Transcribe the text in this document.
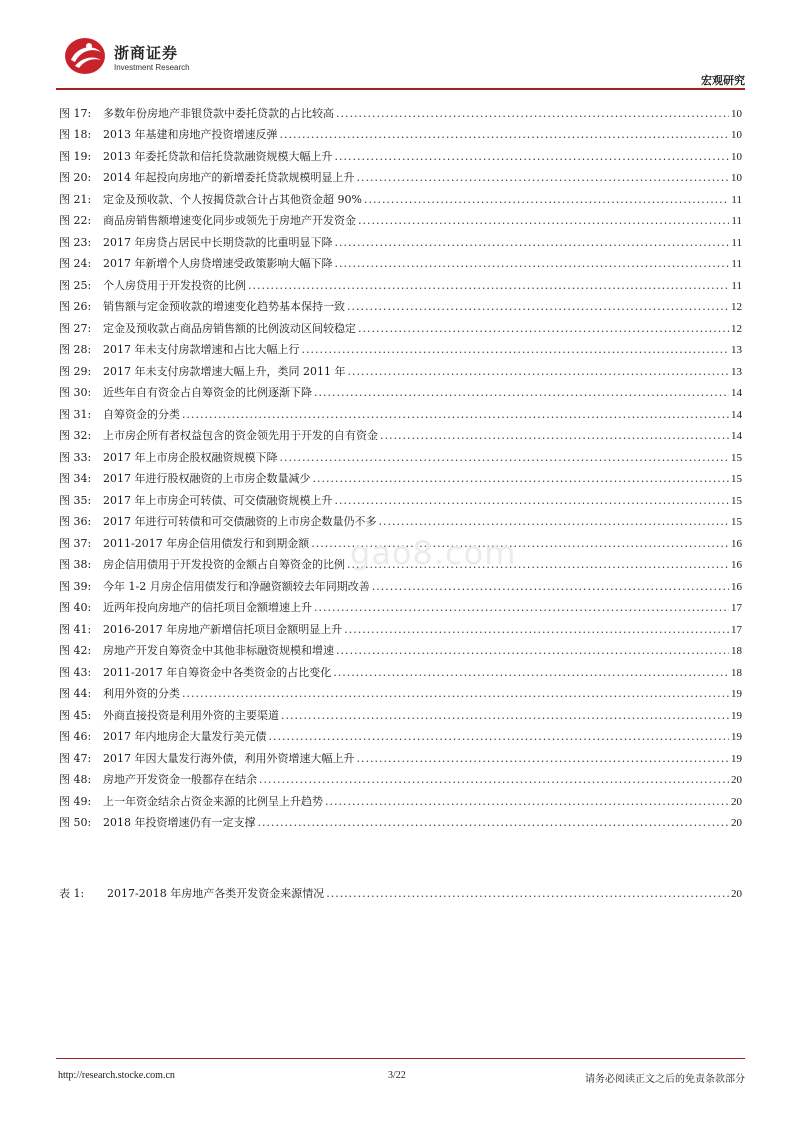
浙商证券
Investment Research
宏观研究
图 17:	多数年份房地产非银贷款中委托贷款的占比较高 .....	10
图 18:	2013 年基建和房地产投资增速反弹 .....	10
图 19:	2013 年委托贷款和信托贷款融资规模大幅上升 .....	10
图 20:	2014 年起投向房地产的新增委托贷款规模明显上升 .....	10
图 21:	定金及预收款、个人按揭贷款合计占其他资金超 90% .....	11
图 22:	商品房销售额增速变化同步或领先于房地产开发资金 .....	11
图 23:	2017 年房贷占居民中长期贷款的比重明显下降 .....	11
图 24:	2017 年新增个人房贷增速受政策影响大幅下降 .....	11
图 25:	个人房贷用于开发投资的比例 .....	11
图 26:	销售额与定金预收款的增速变化趋势基本保持一致 .....	12
图 27:	定金及预收款占商品房销售额的比例波动区间较稳定 .....	12
图 28:	2017 年未支付房款增速和占比大幅上行 .....	13
图 29:	2017 年未支付房款增速大幅上升，类同 2011 年 .....	13
图 30:	近些年自有资金占自筹资金的比例逐渐下降 .....	14
图 31:	自筹资金的分类 .....	14
图 32:	上市房企所有者权益包含的资金领先用于开发的自有资金 .....	14
图 33:	2017 年上市房企股权融资规模下降 .....	15
图 34:	2017 年进行股权融资的上市房企数量减少 .....	15
图 35:	2017 年上市房企可转债、可交债融资规模上升 .....	15
图 36:	2017 年进行可转债和可交债融资的上市房企数量仍不多 .....	15
图 37:	2011-2017 年房企信用债发行和到期金额 .....	16
图 38:	房企信用债用于开发投资的金额占自筹资金的比例 .....	16
图 39:	今年 1-2 月房企信用债发行和净融资额较去年同期改善 .....	16
图 40:	近两年投向房地产的信托项目金额增速上升 .....	17
图 41:	2016-2017 年房地产新增信托项目金额明显上升 .....	17
图 42:	房地产开发自筹资金中其他非标融资规模和增速 .....	18
图 43:	2011-2017 年自筹资金中各类资金的占比变化 .....	18
图 44:	利用外资的分类 .....	19
图 45:	外商直接投资是利用外资的主要渠道 .....	19
图 46:	2017 年内地房企大量发行美元债 .....	19
图 47:	2017 年因大量发行海外债，利用外资增速大幅上升 .....	19
图 48:	房地产开发资金一般都存在结余 .....	20
图 49:	上一年资金结余占资金来源的比例呈上升趋势 .....	20
图 50:	2018 年投资增速仍有一定支撑 .....	20
表 1:	2017-2018 年房地产各类开发资金来源情况 .....	20
gao8.com
http://research.stocke.com.cn	3/22	请务必阅读正文之后的免责条款部分
